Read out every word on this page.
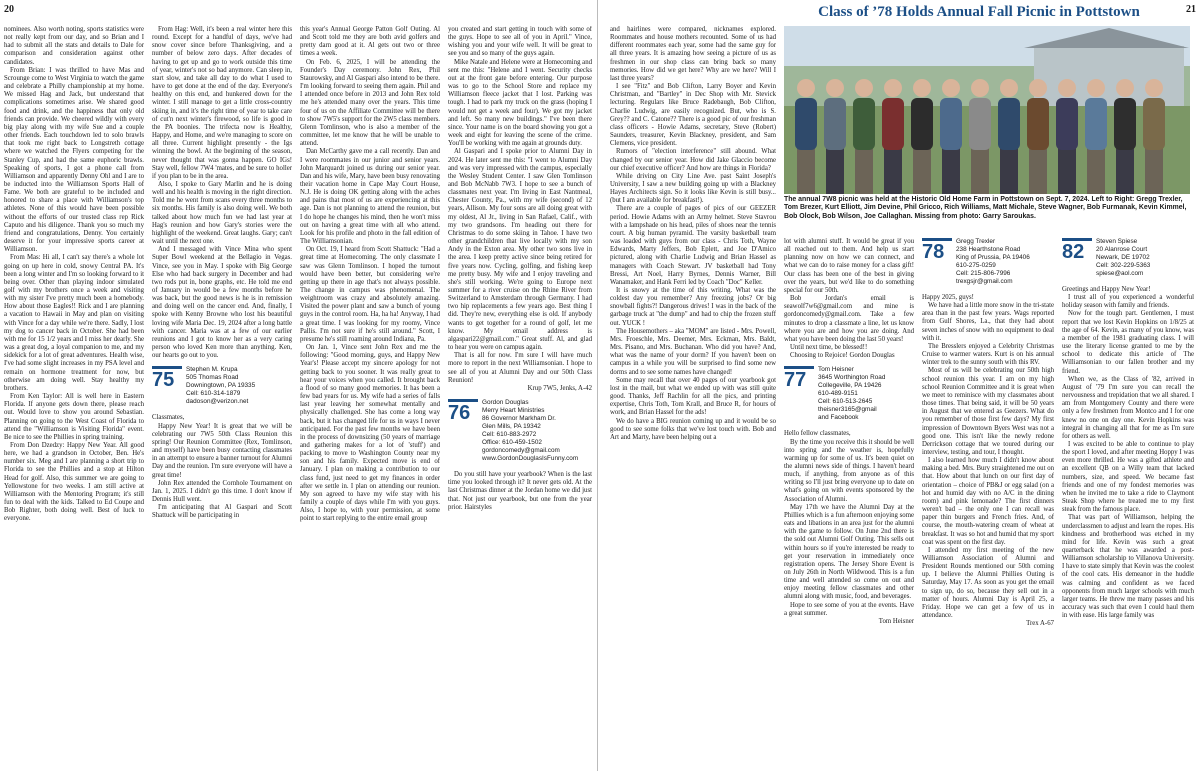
20

nominees. Also worth noting, sports statistics were not really kept from our day, and so Brian and I had to submit all the stats and details to Dale for comparison and consideration against other candidates.

From Brian: I was thrilled to have Mas and Scrounge come to West Virginia to watch the game and celebrate a Philly championship at my home. We missed Hag and Jack, but understand that complications sometimes arise. We shared good food and drink, and the happiness that only old friends can provide. We cheered wildly with every big play along with my wife Sue and a couple other friends. Each touchdown led to solo brawls that took me right back to Longstreth cottage where we watched the Flyers competing for the Stanley Cup, and had the same euphoric brawls. Speaking of sports, I got a phone call from Williamson and apparently Denny Ohl and I are to be inducted into the Williamson Sports Hall of Fame. We both are grateful to be included and honored to share a place with Williamson's top athletes. None of this would have been possible without the efforts of our trusted class rep Rick Caputo and his diligence. Thank you so much my friend and congratulations, Denny. You certainly deserve it for your impressive sports career at Williamson.

From Mas: Hi all, I can't say there's a whole lot going on up here in cold, snowy Central PA. It's been a long winter and I'm so looking forward to it being over. Other than playing indoor simulated golf with my brothers once a week and visiting with my sister I've pretty much been a homebody. How about those Eagles!! Rick and I are planning a vacation to Hawaii in May and plan on visiting with Vince for a day while we're there. Sadly, I lost my dog to cancer back in October. She had been with me for 15 1/2 years and I miss her dearly. She was a great dog, a loyal companion to me, and my sidekick for a lot of great adventures. Health wise, I've had some slight increases in my PSA level and remain on hormone treatment for now, but otherwise am doing well. Stay healthy my brothers.

From Ken Taylor: All is well here in Eastern Florida. If anyone gets down there, please reach out. Would love to show you around Sebastian. Planning on going to the West Coast of Florida to attend the "Williamson is Visiting Florida" event. Be nice to see the Phillies in spring training.

From Don Dzedzy: Happy New Year. All good here, we had a grandson in October, Ben. He's number six. Meg and I are planning a short trip to Florida to see the Phillies and a stop at Hilton Head for golf. Also, this summer we are going to Yellowstone for two weeks. I am still active at Williamson with the Mentoring Program; it's still fun to deal with the kids. Talked to Ed Coupe and Bob Righter, both doing well. Best of luck to everyone.

From Hag: Well, it's been a real winter here this round. Except for a handful of days, we've had snow cover since before Thanksgiving, and a number of below zero days. After decades of having to get up and go to work outside this time of year, winter's not so bad anymore. Can sleep in, start slow, and take all day to do what I used to have to get done at the end of the day. Everyone's healthy on this end, and hunkered down for the winter. I still manage to get a little cross-country skiing in, and it's the right time of year to take care of cut'n next winter's firewood, so life is good in the PA boonies. The trifecta now is Healthy, Happy, and Home, and we're managing to score on all three. Current highlight presently - the Igs winning the bowl. At the beginning of the season, never thought that was gonna happen. GO IGs! Stay well, fellow 7W4 'mates, and be sure to holler if you plan to be in the area.

Also, I spoke to Gary Marlin and he is doing well and his health is moving in the right direction. Told me he went from scans every three months to six months. His family is also doing well. We both talked about how much fun we had last year at Hag's reunion and how Gary's stories were the highlight of the weekend. Great laughs. Gary; can't wait until the next one.

And I messaged with Vince Mina who spent Super Bowl weekend at the Bellagio in Vegas. Vince, see you in May. I spoke with Big George Else who had back surgery in December and had two rods put in, bone graphs, etc. He told me end of January in would be a few months before he was back, but the good news is he is in remission and doing well on the cancer end. And, finally, I spoke with Kenny Browne who lost his beautiful loving wife Maria Dec. 19, 2024 after a long battle with cancer. Maria was at a few of our earlier reunions and I got to know her as a very caring person who loved Ken more than anything. Ken, our hearts go out to you.

75	Stephen M. Krupa
505 Thomas Road
Downingtown, PA 19335
Cell: 610-314-1879
dadoson@verizon.net

Classmates,

Happy New Year! It is great that we will be celebrating our 7W5 50th Class Reunion this spring! Our Reunion Committee (Rex, Tomlinson, and myself) have been busy contacting classmates in an attempt to ensure a banner turnout for Alumni Day and the reunion. I'm sure everyone will have a great time!

John Rex attended the Cornhole Tournament on Jan. 1, 2025. I didn't go this time. I don't know if Dennis Hull went.

I'm anticipating that Al Gaspari and Scott Shattuck will be participating in

this year's Annual George Patton Golf Outing. Al and Scott told me they are both avid golfers and pretty darn good at it. Al gets out two or three times a week.

On Feb. 6, 2025, I will be attending the Founder's Day ceremony. John Rex, Phil Staurowsky, and Al Gaspari also intend to be there. I'm looking forward to seeing them again. Phil and I attended once before in 2013 and John Rex told me he's attended many over the years. This time four of us on the Affiliate Committee will be there to show 7W5's support for the 2W5 class members. Glenn Tomlinson, who is also a member of the committee, let me know that he will be unable to attend.

Dan McCarthy gave me a call recently. Dan and I were roommates in our junior and senior years. John Marquardt joined us during our senior year. Dan and his wife, Mary, have been busy renovating their vacation home in Cape May Court House, N.J. He is doing OK getting along with the aches and pains that most of us are experiencing at this age. Dan is not planning to attend the reunion, but I do hope he changes his mind, then he won't miss out on having a great time with all who attend. Look for his profile and photo in the fall edition of The Williamsonian.

On Oct. 19, I heard from Scott Shattuck: "Had a great time at Homecoming. The only classmate I saw was Glenn Tomlinson. I hoped the turnout would have been better, but considering we're getting up there in age that's not always possible. The change in campus was phenomenal. The weightroom was crazy and absolutely amazing. Visited the power plant and saw a bunch of young guys in the control room. Ha, ha ha! Anyway, I had a great time. I was looking for my roomy, Vince Pallis. I'm not sure if he's still around." Scott, I presume he's still roaming around Indiana, Pa.

On Jan. 1, Vince sent John Rex and me the following: "Good morning, guys, and Happy New Year's! Please accept my sincere apology for not getting back to you sooner. It was really great to hear your voices when you called. It brought back a flood of so many good memories. It has been a few bad years for us. My wife had a series of falls last year leaving her somewhat mentally and physically challenged. She has come a long way back, but it has changed life for us in ways I never anticipated. For the past few months we have been in the process of downsizing (50 years of marriage and gathering makes for a lot of 'stuff') and packing to move to Washington County near my son and his family. Expected move is end of January. I plan on making a contribution to our class fund, just need to get my finances in order after we settle in. I plan on attending our reunion. My son agreed to have my wife stay with his family a couple of days while I'm with you guys. Also, I hope to, with your permission, at some point to start replying to the entire email group

you created and start getting in touch with some of the guys. Hope to see all of you in April." Vince, wishing you and your wife well. It will be great to see you and so many of the guys again.

Mike Natale and Helene were at Homecoming and sent me this: "Helene and I went. Security checks out at the front gate before entering. Our purpose was to go to the School Store and replace my Williamson fleece jacket that I lost. Parking was tough. I had to park my truck on the grass (hoping I would not get a week and four). We got my jacket and left. So many new buildings." I've been there since. Your name is on the board showing you got a week and eight for leaving the scene of the crime. You'll be working with me again at grounds duty.

Al Gaspari and I spoke prior to Alumni Day in 2024. He later sent me this: "I went to Alumni Day and was very impressed with the campus, especially the Wesley Student Center. I saw Glen Tomlinson and Bob McNabb 7W3. I hope to see a bunch of classmates next year. I'm living in East Nantmeal, Chester County, Pa., with my wife (second) of 12 years, Allison. My four sons are all doing great with my oldest, Al Jr., living in San Rafael, Calif., with my two grandsons. I'm heading out there for Christmas to do some skiing in Tahoe. I have two other grandchildren that live locally with my son Andy in the Exton area. My other two sons live in the area. I keep pretty active since being retired for five years now. Cycling, golfing, and fishing keep me pretty busy. My wife and I enjoy traveling and she's still working. We're going to Europe next summer for a river cruise on the Rhine River from Switzerland to Amsterdam through Germany. I had two hip replacements a few years ago. Best thing I did. They're new, everything else is old. If anybody wants to get together for a round of golf, let me know. My email address is algaspari22@gmail.com." Great stuff. Al, and glad to hear you were on campus again.

That is all for now. I'm sure I will have much more to report in the next Williamsonian. I hope to see all of you at Alumni Day and our 50th Class Reunion!

Krup 7W5, Jenks, A-42

76	Gordon Douglas
Merry Heart Ministries
86 Governor Markham Dr.
Glen Mills, PA 19342
Cell: 610-883-2972
Office: 610-459-1502
gordoncomedy@gmail.com
www.GordonDouglasIsFunny.com

Do you still have your yearbook? When is the last time you looked through it? It never gets old. At the last Christmas dinner at the Jordan home we did just that. Not just our yearbook, but one from the year prior. Hairstyles

21

and hairlines were compared, nicknames explored. Roommates and house mothers recounted. Some of us had different roommates each year, some had the same guy for all three years. It is amazing how seeing a picture of us as freshmen in our shop class can bring back so many memories. How did we get here? Why are we here? Will I last three years?

I see "Fitz" and Bob Clifton, Larry Boyer and Kevin Christman, and "Bartley" in Dec Shop with Mr. Stevick lecturing. Regulars like Bruce Radebaugh, Bob Clifton, Charlie Ludwig, are easily recognized. But, who is S. Grey?? and C. Catone?? There is a good pic of our freshman class officers - Howie Adams, secretary, Steve (Robert) Saunders, treasurer, Kevin Blackney, president, and Sam Clemens, vice president.

Rumors of "election interference" still abound. What changed by our senior year. How did Jake Glaccio become our chief executive officer? And how are things in Florida?

While driving on City Line Ave. past Saint Joseph's University, I saw a new building going up with a Blackney Hayes Architects sign. So it looks like Kevin is still busy...(but I am available for breakfast!).

There are a couple of pages of pics of our GEEZER period. Howie Adams with an Army helmet. Steve Stavrou with a lampshade on his head, piles of shoes near the tennis court. A big human pyramid. The varsity basketball team was loaded with guys from our class - Chris Toth, Wayne Edwards, Marty Jeffers, Bob Eplett, and Joe D'Amico pictured, along with Charlie Ludwig and Brian Hassel as managers with Coach Stewart. JV basketball had Tony Bressi, Art Noel, Harry Byrnes, Dennis Warner, Bill Wanamaker, and Hank Ferri led by Coach "Doc" Keller.

It is snowy at the time of this writing. What was the coldest day you remember? Any freezing jobs? Or big snowball fights?! Dangerous drives! I was in the back of the garbage truck at "the dump" and had to chip the frozen stuff out. YUCK !

The Housemothers – aka "MOM" are listed - Mrs. Powell, Mrs. Froeschle, Mrs. Deemer, Mrs. Eckman, Mrs. Baldt, Mrs. Pisano, and Mrs. Buchanan. Who did you have? And, what was the name of your dorm? If you haven't been on campus in a while you will be surprised to find some new dorms and to see some names have changed!

Some may recall that over 40 pages of our yearbook got lost in the mail, but what we ended up with was still quite good. Thanks, Jeff Rachlin for all the pics, and printing expertise, Chris Toth, Tom Krall, and Bruce R, for hours of work, and Brian Hassel for the ads!

We do have a BIG reunion coming up and it would be so good to see some folks that we've lost touch with. Bob and Art and Marty, have been helping out a

Class of ’78 Holds Annual Fall Picnic in Pottstown
The annual 7W8 picnic was held at the Historic Old Home Farm in Pottstown on Sept. 7, 2024. Left to Right: Gregg Trexler, Tom Brezer, Kurt Elliott, Jim Devine, Phil Gricco, Rich Williams, Matt Michale, Steve Wagner, Bob Furmanak, Kevin Kimmel, Bob Olock, Bob Wilson, Joe Callaghan. Missing from photo: Garry Saroukas.

lot with alumni stuff. It would be great if you all reached out to them. And help us start planning now on how we can connect, and what we can do to raise money for a class gift! Our class has been one of the best in giving over the years, but we'd like to do something special for our 50th.

Bob Jordan's email is seawolf7w6@gmail.com and mine is gordoncomedy@gmail.com. Take a few minutes to drop a classmate a line, let us know where you are and how you are doing. And what you have been doing the last 50 years!

Until next time, be blessed!!

Choosing to Rejoice! Gordon Douglas

77	Tom Heisner
3645 Worthington Road
Collegeville, PA 19426
610-489-9151
Cell: 610-513-2645
theisner3165@gmail
and Facebook

Hello fellow classmates,

By the time you receive this it should be well into spring and the weather is, hopefully warming up for some of us. It's been quiet on the alumni news side of things. I haven't heard much, if anything, from anyone as of this writing so I'll just bring everyone up to date on what's going on with events sponsored by the Association of Alumni.

May 17th we have the Alumni Day at the Phillies which is a fun afternoon enjoying some eats and libations in an area just for the alumni with the game to follow. On June 2nd there is the sold out Alumni Golf Outing. This sells out within hours so if you're interested be ready to get your reservation in immediately once registration opens. The Jersey Shore Event is on July 26th in North Wildwood. This is a fun time and well attended so come on out and enjoy meeting fellow classmates and other alumni along with music, food, and beverages.

Hope to see some of you at the events. Have a great summer.

Tom Heisner

78	Gregg Trexler
238 Hearthstone Road
King of Prussia, PA 19406
610-275-0259
Cell: 215-806-7996
trexgsjr@gmail.com

Happy 2025, guys!

We have had a little more snow in the tri-state area than in the past few years. Wags reported from Gulf Shores, La., that they had about seven inches of snow with no equipment to deal with it.

The Bresslers enjoyed a Celebrity Christmas Cruise to warmer waters. Kurt is on his annual winter trek to the sunny south with this RV.

Most of us will be celebrating our 50th high school reunion this year. I am on my high school Reunion Committee and it is great when we meet to reminisce with my classmates about those times. That being said, it will be 50 years in August that we entered as Geezers. What do you remember of those first few days? My first impression of Downtown Byers West was not a good one. This isn't like the newly redone Derrickson cottage that we toured during our interview, testing, and tour, I thought.

I also learned how much I didn't know about making a bed. Mrs. Bury straightened me out on that. How about that lunch on our first day of orientation – choice of PB&J or egg salad (on a hot and humid day with no A/C in the dining room) and pink lemonade? The first dinners weren't bad – the only one I can recall was paper thin burgers and French fries. And, of course, the mouth-watering cream of wheat at breakfast. It was so hot and humid that my sport coat was spent on the first day.

I attended my first meeting of the new Williamson Association of Alumni and President Rounds mentioned our 50th coming up. I believe the Alumni Phillies Outing is Saturday, May 17. As soon as you get the email to sign up, do so, because they sell out in a matter of hours. Alumni Day is April 25, a Friday. Hope we can get a few of us in attendance.

Trex A-67

82	Steven Spiese
20 Alanrose Court
Newark, DE 19702
Cell: 302-229-5363
spiese@aol.com

Greetings and Happy New Year!

I trust all of you experienced a wonderful holiday season with family and friends.

Now for the tough part. Gentlemen, I must report that we lost Kevin Hopkins on 1/8/25 at the age of 64. Kevin, as many of you know, was a member of the 1981 graduating class. I will use the literary license granted to me by the school to dedicate this article of The Williamsonian to our fallen brother and my friend.

When we, as the Class of '82, arrived in August of '79 I'm sure you can recall the nervousness and trepidation that we all shared. I am from Montgomery County and there were only a few freshmen from Montco and I for one knew no one on day one. Kevin Hopkins was integral in changing all that for me as I'm sure for others as well.

I was excited to be able to continue to play the sport I loved, and after meeting Hoppy I was even more thrilled. He was a gifted athlete and an excellent QB on a Willy team that lacked numbers, size, and speed. We became fast friends and one of my fondest memories was when he invited me to take a ride to Claymont Steak Shop where he treated me to my first steak from the famous place.

That was part of Williamson, helping the underclassmen to adjust and learn the ropes. His kindness and brotherhood was etched in my mind for life. Kevin was such a great quarterback that he was awarded a post-Williamson scholarship to Villanova University. I have to state simply that Kevin was the coolest of the cool cats. His demeanor in the huddle was calming and confident as we faced opponents from much larger schools with much larger teams. He threw me many passes and his accuracy was such that even I could haul them in with ease. His large family was
